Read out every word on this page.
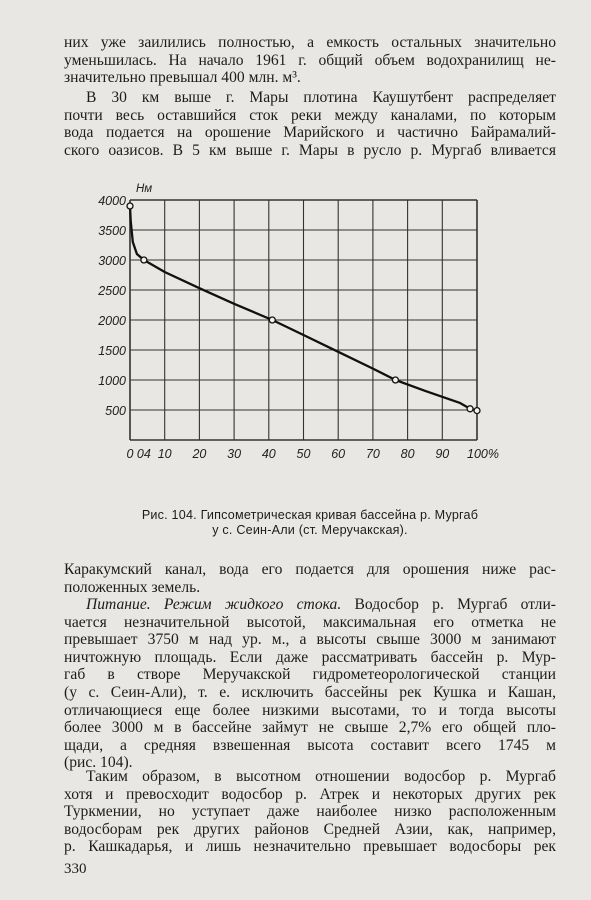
них уже заилились полностью, а емкость остальных значительно
уменьшилась. На начало 1961 г. общий объем водохранилищ не-
значительно превышал 400 млн. м³.

В 30 км выше г. Мары плотина Каушутбент распределяет
почти весь оставшийся сток реки между каналами, по которым
вода подается на орошение Марийского и частично Байрамалий-
ского оазисов. В 5 км выше г. Мары в русло р. Мургаб вливается

500
1000
1500
2000
2500
3000
3500
4000
Нм
0 04 10 20 30 40 50 60 70 80 90 100%
Рис. 104. Гипсометрическая кривая бассейна р. Мургаб
у с. Сеин-Али (ст. Меручакская).

Каракумский канал, вода его подается для орошения ниже рас-
положенных земель.

Питание. Режим жидкого стока. Водосбор р. Мургаб отли-
чается незначительной высотой, максимальная его отметка не
превышает 3750 м над ур. м., а высоты свыше 3000 м занимают
ничтожную площадь. Если даже рассматривать бассейн р. Мур-
габ в створе Меручакской гидрометеорологической станции
(у с. Сеин-Али), т. е. исключить бассейны рек Кушка и Кашан,
отличающиеся еще более низкими высотами, то и тогда высоты
более 3000 м в бассейне займут не свыше 2,7% его общей пло-
щади, а средняя взвешенная высота составит всего 1745 м
(рис. 104).

Таким образом, в высотном отношении водосбор р. Мургаб
хотя и превосходит водосбор р. Атрек и некоторых других рек
Туркмении, но уступает даже наиболее низко расположенным
водосборам рек других районов Средней Азии, как, например,
р. Кашкадарья, и лишь незначительно превышает водосборы рек

330
